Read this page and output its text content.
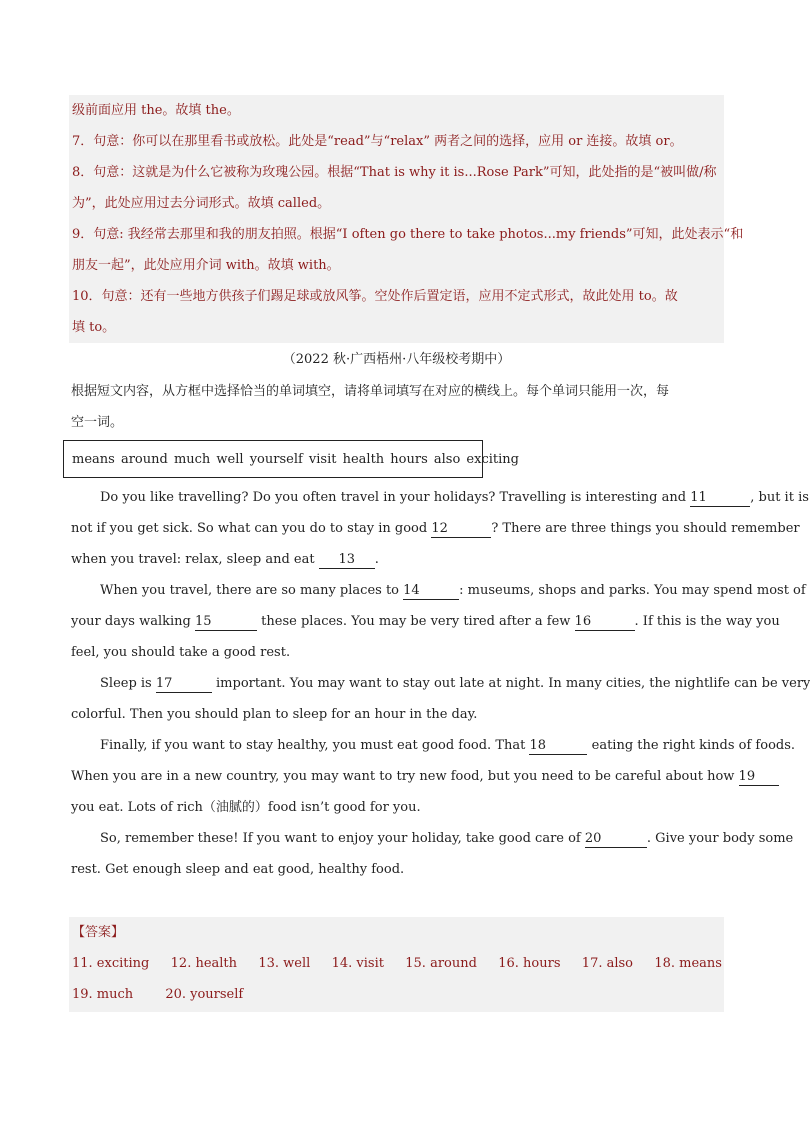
级前面应用 the。故填 the。
7．句意：你可以在那里看书或放松。此处是“read”与“relax” 两者之间的选择，应用 or 连接。故填 or。
8．句意：这就是为什么它被称为玫瑰公园。根据“That is why it is...Rose Park”可知，此处指的是“被叫做/称
为”，此处应用过去分词形式。故填 called。
9．句意: 我经常去那里和我的朋友拍照。根据“I often go there to take photos...my friends”可知，此处表示“和
朋友一起”，此处应用介词 with。故填 with。
10．句意：还有一些地方供孩子们踢足球或放风筝。空处作后置定语，应用不定式形式，故此处用 to。故
填 to。
（2022 秋·广西梧州·八年级校考期中）
根据短文内容，从方框中选择恰当的单词填空，请将单词填写在对应的横线上。每个单词只能用一次，每
空一词。
means around much well yourself visit health hours also exciting
Do you like travelling? Do you often travel in your holidays? Travelling is interesting and 11	, but it is
not if you get sick. So what can you do to stay in good 12	? There are three things you should remember
when you travel: relax, sleep and eat 13 .
When you travel, there are so many places to 14	: museums, shops and parks. You may spend most of
your days walking 15	these places. You may be very tired after a few 16	. If this is the way you
feel, you should take a good rest.
Sleep is 17	important. You may want to stay out late at night. In many cities, the nightlife can be very
colorful. Then you should plan to sleep for an hour in the day.
Finally, if you want to stay healthy, you must eat good food. That 18	eating the right kinds of foods.
When you are in a new country, you may want to try new food, but you need to be careful about how 19
you eat. Lots of rich（油腻的）food isn’t good for you.
So, remember these! If you want to enjoy your holiday, take good care of 20	. Give your body some
rest. Get enough sleep and eat good, healthy food.
【答案】
11. exciting 12. health 13. well 14. visit 15. around 16. hours 17. also 18. means
19. much 20. yourself
